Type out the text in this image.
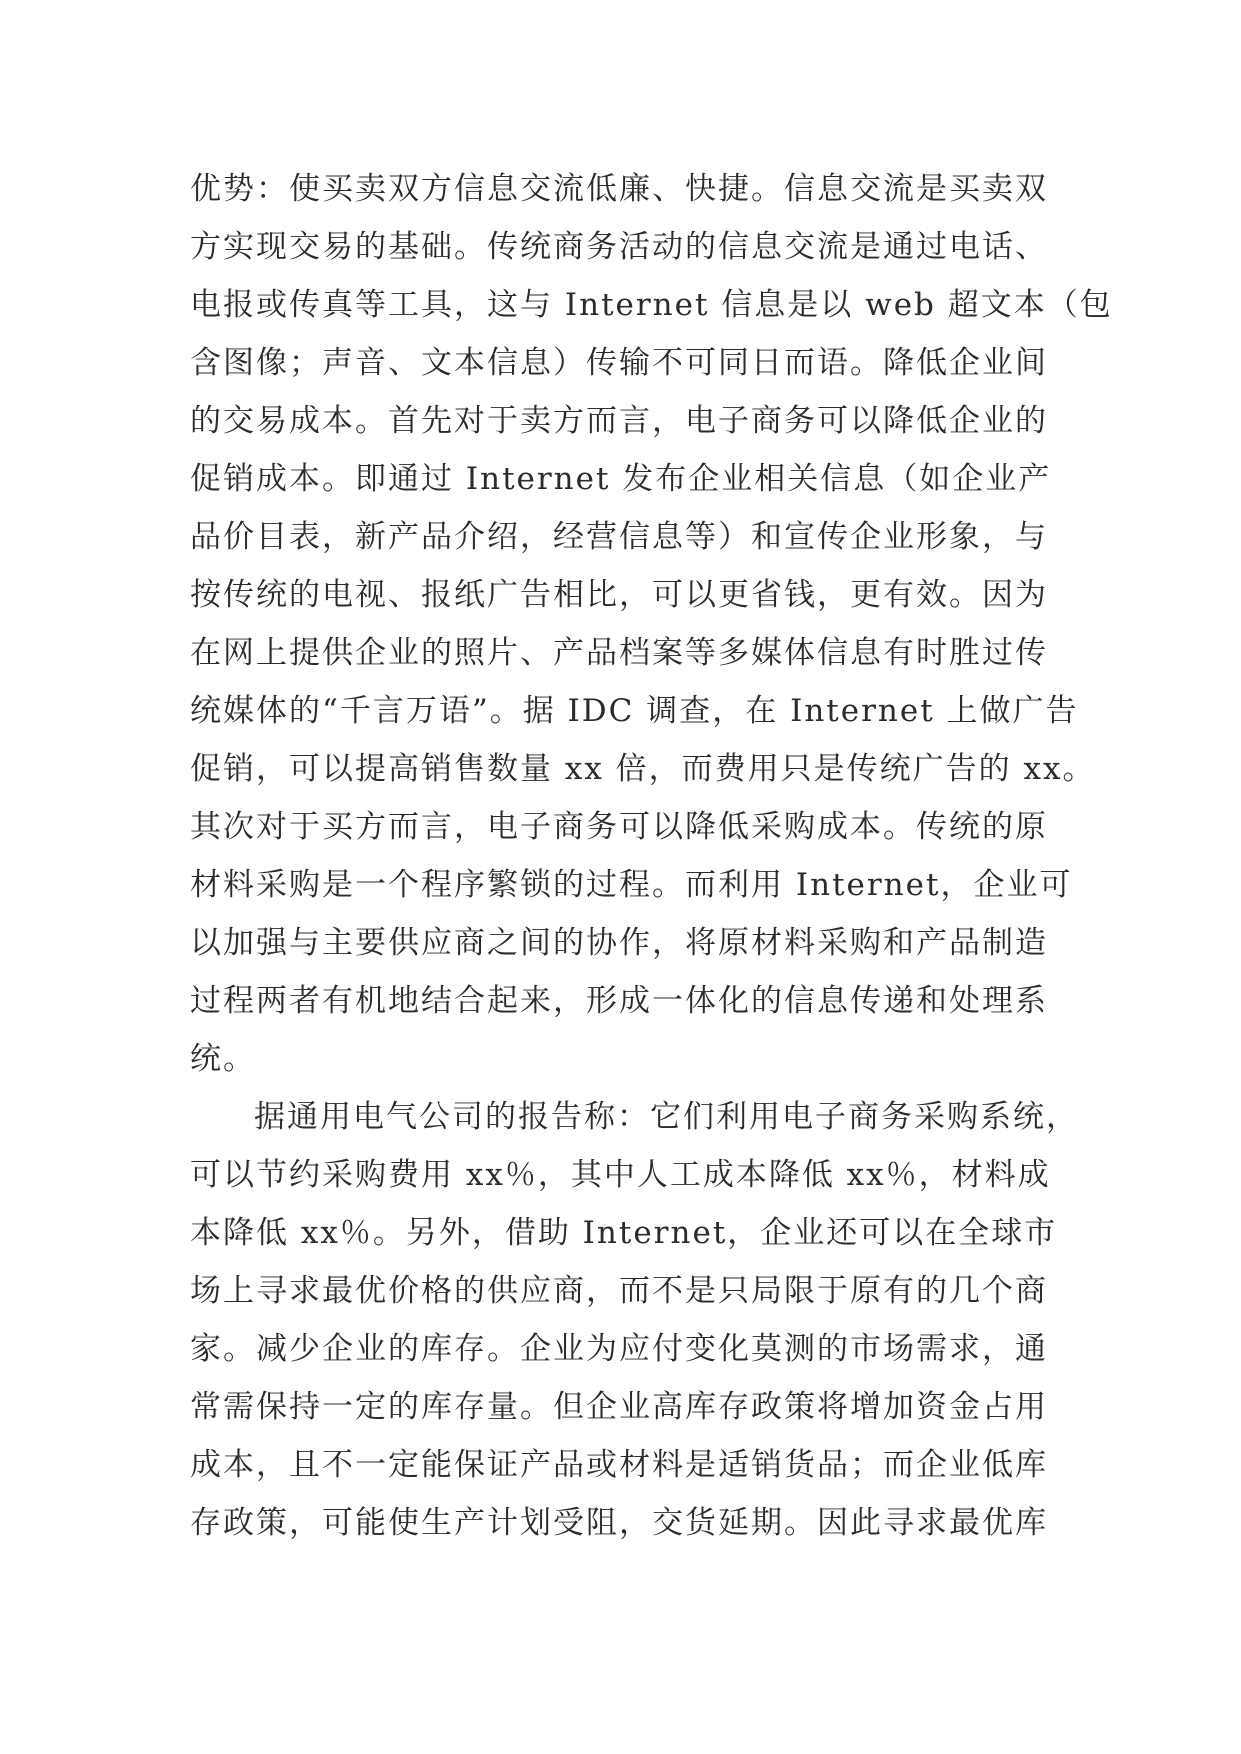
优势：使买卖双方信息交流低廉、快捷。信息交流是买卖双
方实现交易的基础。传统商务活动的信息交流是通过电话、
电报或传真等工具，这与 Internet 信息是以 web 超文本（包
含图像；声音、文本信息）传输不可同日而语。降低企业间
的交易成本。首先对于卖方而言，电子商务可以降低企业的
促销成本。即通过 Internet 发布企业相关信息（如企业产
品价目表，新产品介绍，经营信息等）和宣传企业形象，与
按传统的电视、报纸广告相比，可以更省钱，更有效。因为
在网上提供企业的照片、产品档案等多媒体信息有时胜过传
统媒体的“千言万语”。据 IDC 调查，在 Internet 上做广告
促销，可以提高销售数量 xx 倍，而费用只是传统广告的 xx。
其次对于买方而言，电子商务可以降低采购成本。传统的原
材料采购是一个程序繁锁的过程。而利用 Internet，企业可
以加强与主要供应商之间的协作，将原材料采购和产品制造
过程两者有机地结合起来，形成一体化的信息传递和处理系
统。
据通用电气公司的报告称：它们利用电子商务采购系统，
可以节约采购费用 xx％，其中人工成本降低 xx％，材料成
本降低 xx％。另外，借助 Internet，企业还可以在全球市
场上寻求最优价格的供应商，而不是只局限于原有的几个商
家。减少企业的库存。企业为应付变化莫测的市场需求，通
常需保持一定的库存量。但企业高库存政策将增加资金占用
成本，且不一定能保证产品或材料是适销货品；而企业低库
存政策，可能使生产计划受阻，交货延期。因此寻求最优库
